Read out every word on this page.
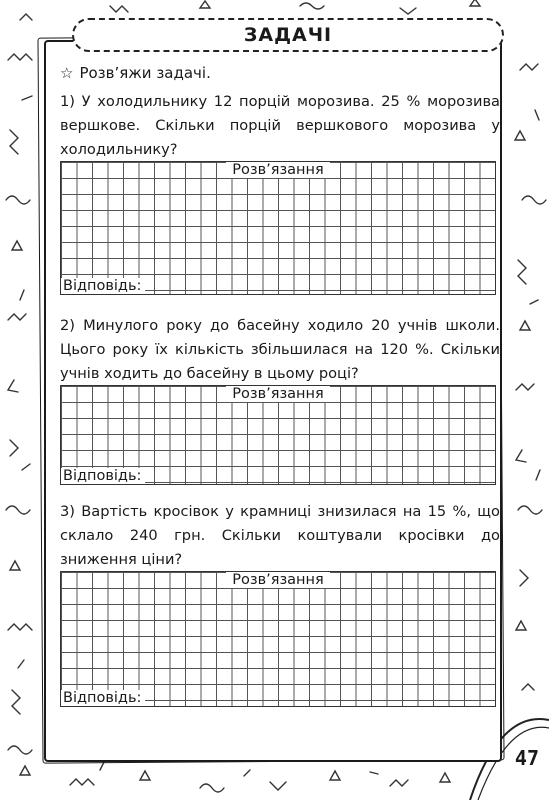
ЗАДАЧІ
☆ Розв’яжи задачі.
1) У холодильнику 12 порцій морозива. 25 % морозива вершкове. Скільки порцій вершкового морозива у холодильнику?
Розв’язання
Відповідь:
2) Минулого року до басейну ходило 20 учнів школи. Цього року їх кількість збільшилася на 120 %. Скільки учнів ходить до басейну в цьому році?
Розв’язання
Відповідь:
3) Вартість кросівок у крамниці знизилася на 15 %, що склало 240 грн. Скільки коштували кросівки до зниження ціни?
Розв’язання
Відповідь:
47
